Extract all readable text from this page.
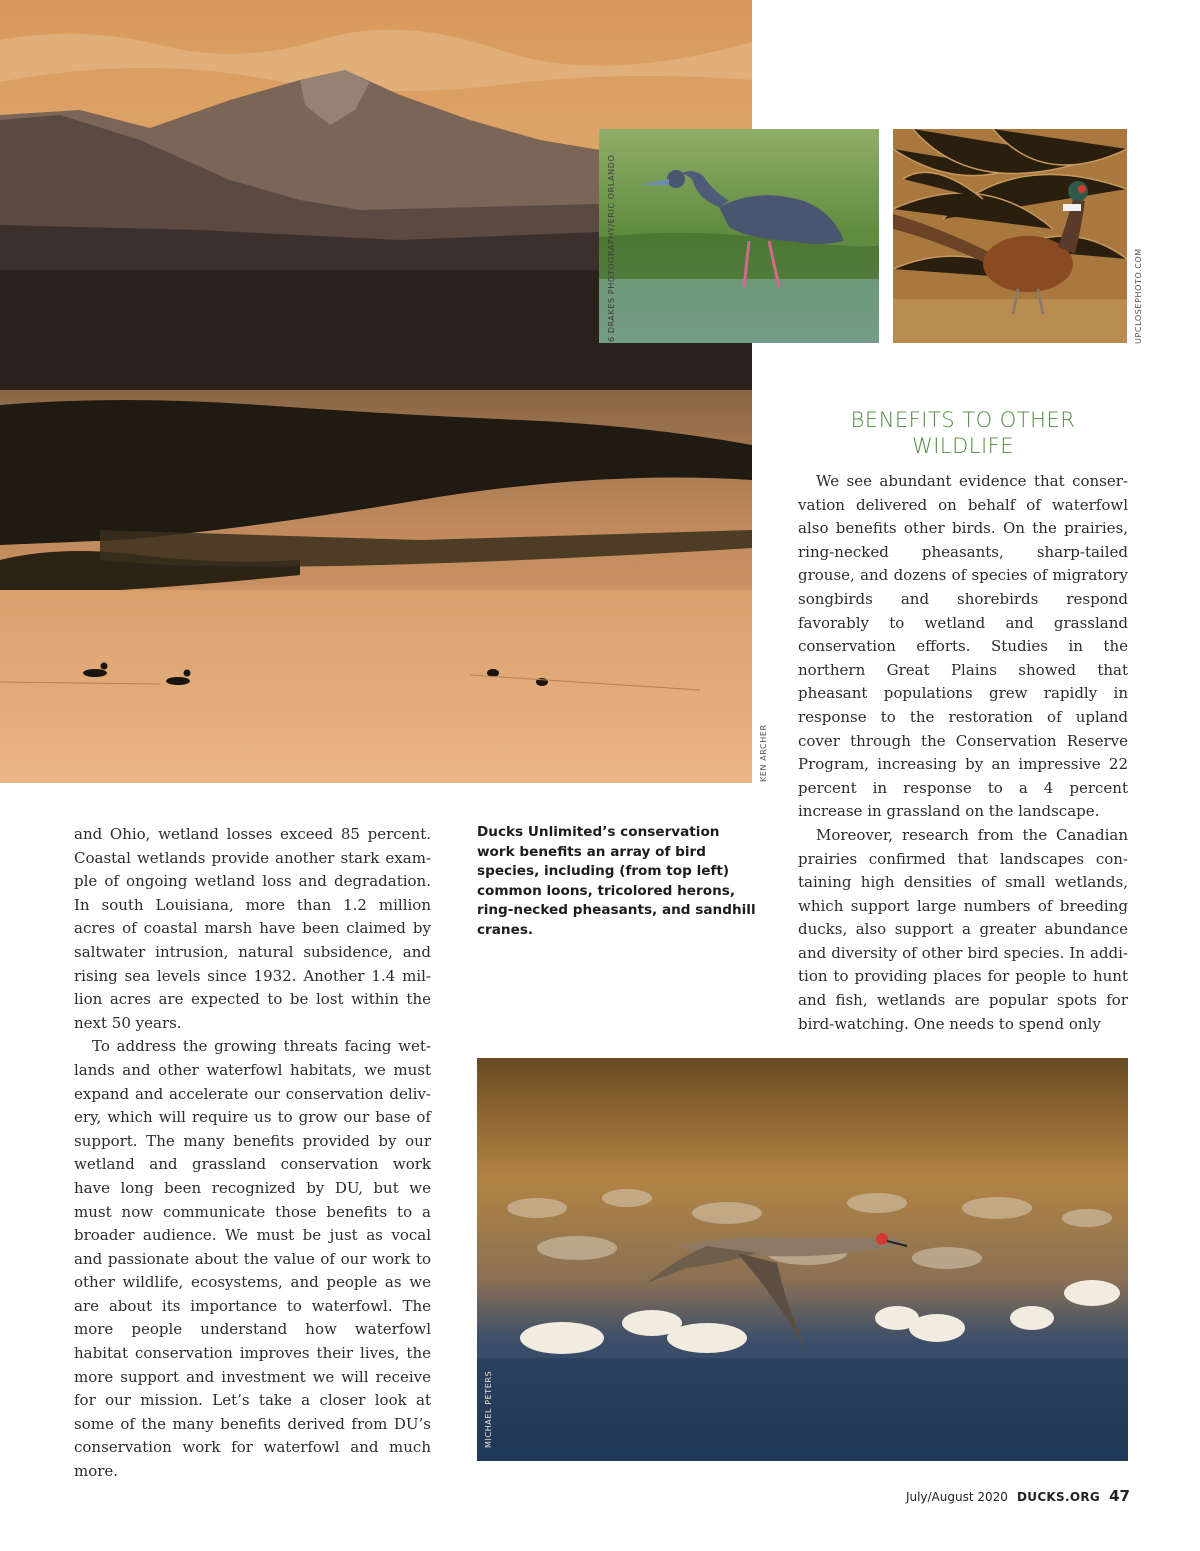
KEN ARCHER
6 DRAKES PHOTOGRAPHY/ERIC ORLANDO	UPCLOSEPHOTO.COM
BENEFITS TO OTHER
WILDLIFE

We see abundant evidence that conservation delivered on behalf of waterfowl also benefits other birds. On the prairies, ring-necked pheasants, sharp-tailed grouse, and dozens of species of migratory songbirds and shorebirds respond favorably to wetland and grassland conservation efforts. Studies in the northern Great Plains showed that pheasant populations grew rapidly in response to the restoration of upland cover through the Conservation Reserve Program, increasing by an impressive 22 percent in response to a 4 percent increase in grassland on the landscape.

Moreover, research from the Canadian prairies confirmed that landscapes containing high densities of small wetlands, which support large numbers of breeding ducks, also support a greater abundance and diversity of other bird species. In addition to providing places for people to hunt and fish, wetlands are popular spots for bird-watching. One needs to spend only

Ducks Unlimited’s conservation work benefits an array of bird species, including (from top left) common loons, tricolored herons, ring-necked pheasants, and sandhill cranes.

and Ohio, wetland losses exceed 85 percent. Coastal wetlands provide another stark example of ongoing wetland loss and degradation. In south Louisiana, more than 1.2 million acres of coastal marsh have been claimed by saltwater intrusion, natural subsidence, and rising sea levels since 1932. Another 1.4 million acres are expected to be lost within the next 50 years.

To address the growing threats facing wetlands and other waterfowl habitats, we must expand and accelerate our conservation delivery, which will require us to grow our base of support. The many benefits provided by our wetland and grassland conservation work have long been recognized by DU, but we must now communicate those benefits to a broader audience. We must be just as vocal and passionate about the value of our work to other wildlife, ecosystems, and people as we are about its importance to waterfowl. The more people understand how waterfowl habitat conservation improves their lives, the more support and investment we will receive for our mission. Let’s take a closer look at some of the many benefits derived from DU’s conservation work for waterfowl and much more.

MICHAEL PETERS
July/August 2020 DUCKS.ORG 47
